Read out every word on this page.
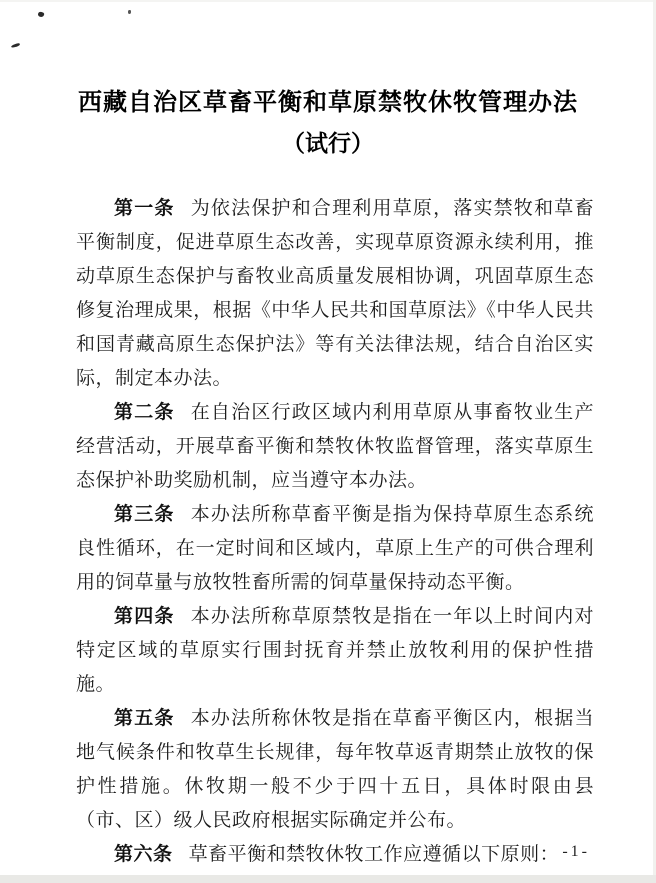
西藏自治区草畜平衡和草原禁牧休牧管理办法
（试行）

第一条 为依法保护和合理利用草原，落实禁牧和草畜平衡制度，促进草原生态改善，实现草原资源永续利用，推动草原生态保护与畜牧业高质量发展相协调，巩固草原生态修复治理成果，根据《中华人民共和国草原法》《中华人民共和国青藏高原生态保护法》等有关法律法规，结合自治区实际，制定本办法。

第二条 在自治区行政区域内利用草原从事畜牧业生产经营活动，开展草畜平衡和禁牧休牧监督管理，落实草原生态保护补助奖励机制，应当遵守本办法。

第三条 本办法所称草畜平衡是指为保持草原生态系统良性循环，在一定时间和区域内，草原上生产的可供合理利用的饲草量与放牧牲畜所需的饲草量保持动态平衡。

第四条 本办法所称草原禁牧是指在一年以上时间内对特定区域的草原实行围封抚育并禁止放牧利用的保护性措施。

第五条 本办法所称休牧是指在草畜平衡区内，根据当地气候条件和牧草生长规律，每年牧草返青期禁止放牧的保护性措施。休牧期一般不少于四十五日，具体时限由县（市、区）级人民政府根据实际确定并公布。

第六条 草畜平衡和禁牧休牧工作应遵循以下原则： -1-
